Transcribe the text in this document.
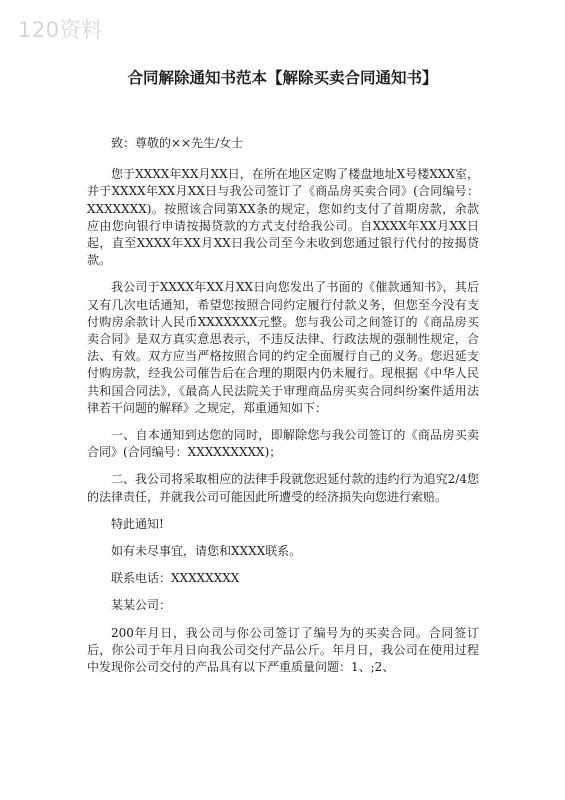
120资料
合同解除通知书范本【解除买卖合同通知书】

致：尊敬的××先生/女士

您于XXXX年XX月XX日，在所在地区定购了楼盘地址X号楼XXX室，并于XXXX年XX月XX日与我公司签订了《商品房买卖合同》(合同编号：XXXXXXX)。按照该合同第XX条的规定，您如约支付了首期房款，余款应由您向银行申请按揭贷款的方式支付给我公司。自XXXX年XX月XX日起，直至XXXX年XX月XX日我公司至今未收到您通过银行代付的按揭贷款。

我公司于XXXX年XX月XX日向您发出了书面的《催款通知书》，其后又有几次电话通知，希望您按照合同约定履行付款义务，但您至今没有支付购房余款计人民币XXXXXXX元整。您与我公司之间签订的《商品房买卖合同》是双方真实意思表示，不违反法律、行政法规的强制性规定，合法、有效。双方应当严格按照合同的约定全面履行自己的义务。您迟延支付购房款，经我公司催告后在合理的期限内仍未履行。现根据《中华人民共和国合同法》，《最高人民法院关于审理商品房买卖合同纠纷案件适用法律若干问题的解释》之规定，郑重通知如下：

一、自本通知到达您的同时，即解除您与我公司签订的《商品房买卖合同》(合同编号：XXXXXXXXX)；

二、我公司将采取相应的法律手段就您迟延付款的违约行为追究2/4您的法律责任，并就我公司可能因此所遭受的经济损失向您进行索赔。

特此通知!

如有未尽事宜，请您和XXXX联系。

联系电话：XXXXXXXX

某某公司：

200年月日，我公司与你公司签订了编号为的买卖合同。合同签订后，你公司于年月日向我公司交付产品公斤。年月日，我公司在使用过程中发现你公司交付的产品具有以下严重质量问题：1、;2、
